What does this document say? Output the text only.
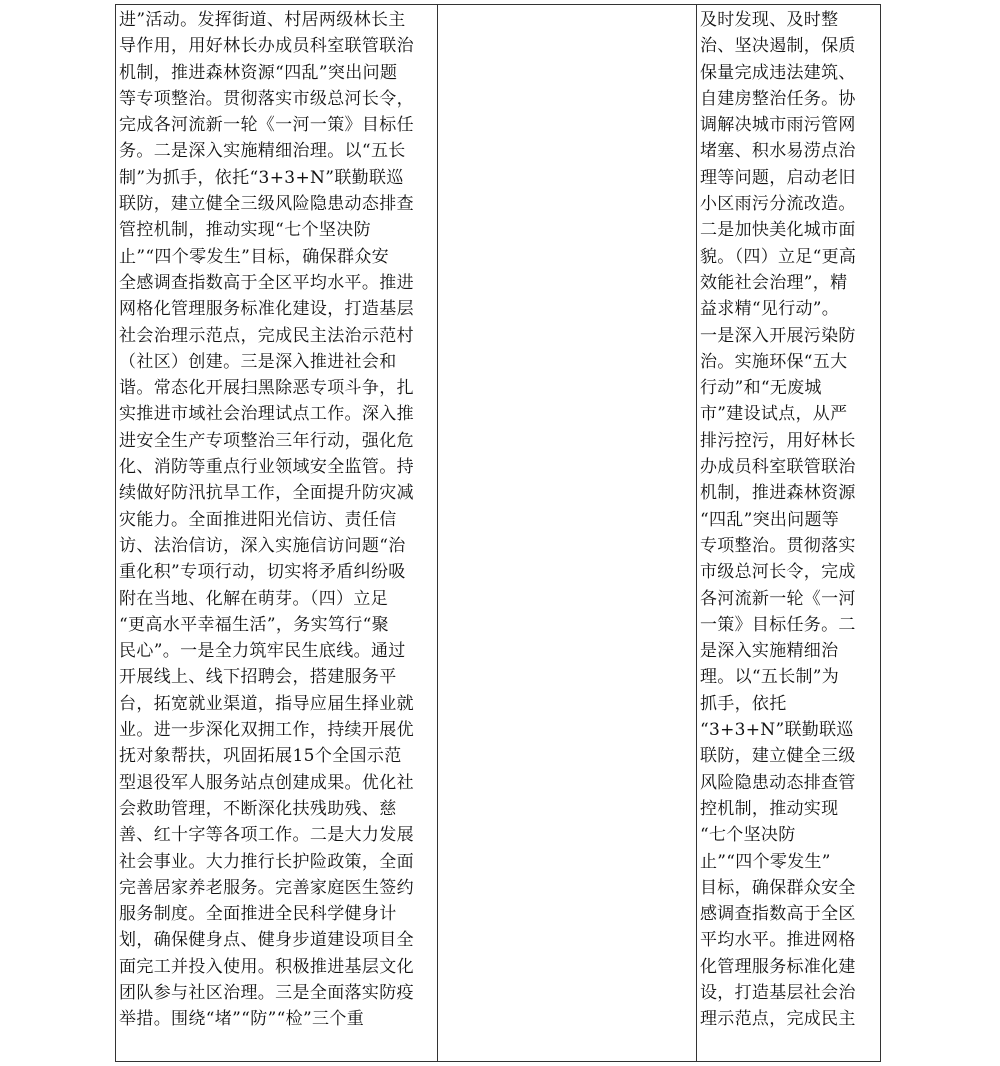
进”活动。发挥街道、村居两级林长主
导作用，用好林长办成员科室联管联治
机制，推进森林资源“四乱”突出问题
等专项整治。贯彻落实市级总河长令，
完成各河流新一轮《一河一策》目标任
务。二是深入实施精细治理。以“五长
制”为抓手，依托“3+3+N”联勤联巡
联防，建立健全三级风险隐患动态排查
管控机制，推动实现“七个坚决防
止”“四个零发生”目标，确保群众安
全感调查指数高于全区平均水平。推进
网格化管理服务标准化建设，打造基层
社会治理示范点，完成民主法治示范村
（社区）创建。三是深入推进社会和
谐。常态化开展扫黑除恶专项斗争，扎
实推进市域社会治理试点工作。深入推
进安全生产专项整治三年行动，强化危
化、消防等重点行业领域安全监管。持
续做好防汛抗旱工作，全面提升防灾减
灾能力。全面推进阳光信访、责任信
访、法治信访，深入实施信访问题“治
重化积”专项行动，切实将矛盾纠纷吸
附在当地、化解在萌芽。（四）立足
“更高水平幸福生活”，务实笃行“聚
民心”。一是全力筑牢民生底线。通过
开展线上、线下招聘会，搭建服务平
台，拓宽就业渠道，指导应届生择业就
业。进一步深化双拥工作，持续开展优
抚对象帮扶，巩固拓展15个全国示范
型退役军人服务站点创建成果。优化社
会救助管理，不断深化扶残助残、慈
善、红十字等各项工作。二是大力发展
社会事业。大力推行长护险政策，全面
完善居家养老服务。完善家庭医生签约
服务制度。全面推进全民科学健身计
划，确保健身点、健身步道建设项目全
面完工并投入使用。积极推进基层文化
团队参与社区治理。三是全面落实防疫
举措。围绕“堵”“防”“检”三个重

及时发现、及时整
治、坚决遏制，保质
保量完成违法建筑、
自建房整治任务。协
调解决城市雨污管网
堵塞、积水易涝点治
理等问题，启动老旧
小区雨污分流改造。
二是加快美化城市面
貌。（四）立足“更高
效能社会治理”，精
益求精“见行动”。
一是深入开展污染防
治。实施环保“五大
行动”和“无废城
市”建设试点，从严
排污控污，用好林长
办成员科室联管联治
机制，推进森林资源
“四乱”突出问题等
专项整治。贯彻落实
市级总河长令，完成
各河流新一轮《一河
一策》目标任务。二
是深入实施精细治
理。以“五长制”为
抓手，依托
“3+3+N”联勤联巡
联防，建立健全三级
风险隐患动态排查管
控机制，推动实现
“七个坚决防
止”“四个零发生”
目标，确保群众安全
感调查指数高于全区
平均水平。推进网格
化管理服务标准化建
设，打造基层社会治
理示范点，完成民主
